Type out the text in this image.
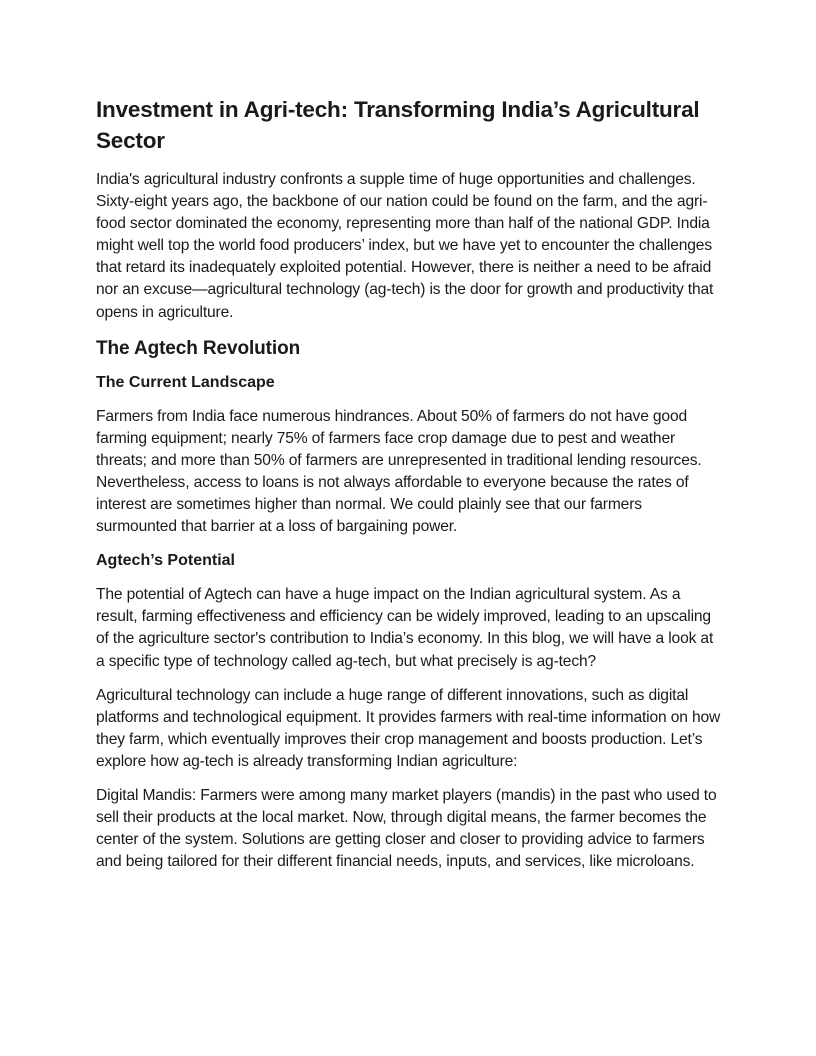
Investment in Agri-tech: Transforming India’s Agricultural Sector

India's agricultural industry confronts a supple time of huge opportunities and challenges. Sixty-eight years ago, the backbone of our nation could be found on the farm, and the agri-food sector dominated the economy, representing more than half of the national GDP. India might well top the world food producers’ index, but we have yet to encounter the challenges that retard its inadequately exploited potential. However, there is neither a need to be afraid nor an excuse—agricultural technology (ag-tech) is the door for growth and productivity that opens in agriculture.

The Agtech Revolution
The Current Landscape

Farmers from India face numerous hindrances. About 50% of farmers do not have good farming equipment; nearly 75% of farmers face crop damage due to pest and weather threats; and more than 50% of farmers are unrepresented in traditional lending resources. Nevertheless, access to loans is not always affordable to everyone because the rates of interest are sometimes higher than normal. We could plainly see that our farmers surmounted that barrier at a loss of bargaining power.

Agtech’s Potential

The potential of Agtech can have a huge impact on the Indian agricultural system. As a result, farming effectiveness and efficiency can be widely improved, leading to an upscaling of the agriculture sector's contribution to India’s economy. In this blog, we will have a look at a specific type of technology called ag-tech, but what precisely is ag-tech?

Agricultural technology can include a huge range of different innovations, such as digital platforms and technological equipment. It provides farmers with real-time information on how they farm, which eventually improves their crop management and boosts production. Let’s explore how ag-tech is already transforming Indian agriculture:

Digital Mandis: Farmers were among many market players (mandis) in the past who used to sell their products at the local market. Now, through digital means, the farmer becomes the center of the system. Solutions are getting closer and closer to providing advice to farmers and being tailored for their different financial needs, inputs, and services, like microloans.
